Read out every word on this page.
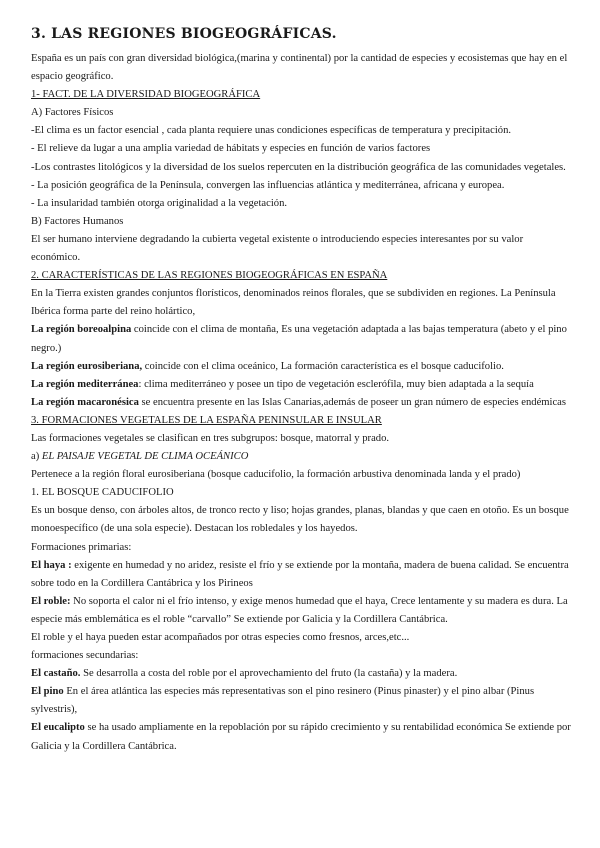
3. LAS REGIONES BIOGEOGRÁFICAS.

España es un país con gran diversidad biológica,(marina y continental) por la cantidad de especies y ecosistemas que hay en el espacio geográfico.

1- FACT. DE LA DIVERSIDAD BIOGEOGRÁFICA

A) Factores Físicos

-El clima es un factor esencial , cada planta requiere unas condiciones específicas de temperatura y precipitación.

- El relieve da lugar a una amplia variedad de hábitats y especies en función de varios factores

-Los contrastes litológicos y la diversidad de los suelos repercuten en la distribución geográfica de las comunidades vegetales.

- La posición geográfica de la Península, convergen las influencias atlántica y mediterránea, africana y europea.

- La insularidad también otorga originalidad a la vegetación.

B) Factores Humanos

El ser humano interviene degradando la cubierta vegetal existente o introduciendo especies interesantes por su valor económico.

2. CARACTERÍSTICAS DE LAS REGIONES BIOGEOGRÁFICAS EN ESPAÑA

En la Tierra existen grandes conjuntos florísticos, denominados reinos florales, que se subdividen en regiones. La Península Ibérica forma parte del reino holártico,

La región boreoalpina coincide con el clima de montaña, Es una vegetación adaptada a las bajas temperatura (abeto y el pino negro.)

La región eurosiberiana, coincide con el clima oceánico, La formación característica es el bosque caducifolio.

La región mediterránea: clima mediterráneo y posee un tipo de vegetación esclerófila, muy bien adaptada a la sequía

La región macaronésica se encuentra presente en las Islas Canarias,además de poseer un gran número de especies endémicas

3. FORMACIONES VEGETALES DE LA ESPAÑA PENINSULAR E INSULAR

Las formaciones vegetales se clasifican en tres subgrupos: bosque, matorral y prado.

a) EL PAISAJE VEGETAL DE CLIMA OCEÁNICO

Pertenece a la región floral eurosiberiana (bosque caducifolio, la formación arbustiva denominada landa y el prado)

1. EL BOSQUE CADUCIFOLIO

Es un bosque denso, con árboles altos, de tronco recto y liso; hojas grandes, planas, blandas y que caen en otoño. Es un bosque monoespecífico (de una sola especie). Destacan los robledales y los hayedos.

Formaciones primarias:

El haya : exigente en humedad y no aridez, resiste el frío y se extiende por la montaña, madera de buena calidad. Se encuentra sobre todo en la Cordillera Cantábrica y los Pirineos

El roble: No soporta el calor ni el frío intenso, y exige menos humedad que el haya, Crece lentamente y su madera es dura. La especie más emblemática es el roble “carvallo” Se extiende por Galicia y la Cordillera Cantábrica.

El roble y el haya pueden estar acompañados por otras especies como fresnos, arces,etc...

formaciones secundarias:

El castaño. Se desarrolla a costa del roble por el aprovechamiento del fruto (la castaña) y la madera.

El pino En el área atlántica las especies más representativas son el pino resinero (Pinus pinaster) y el pino albar (Pinus sylvestris),

El eucalipto se ha usado ampliamente en la repoblación por su rápido crecimiento y su rentabilidad económica Se extiende por Galicia y la Cordillera Cantábrica.
